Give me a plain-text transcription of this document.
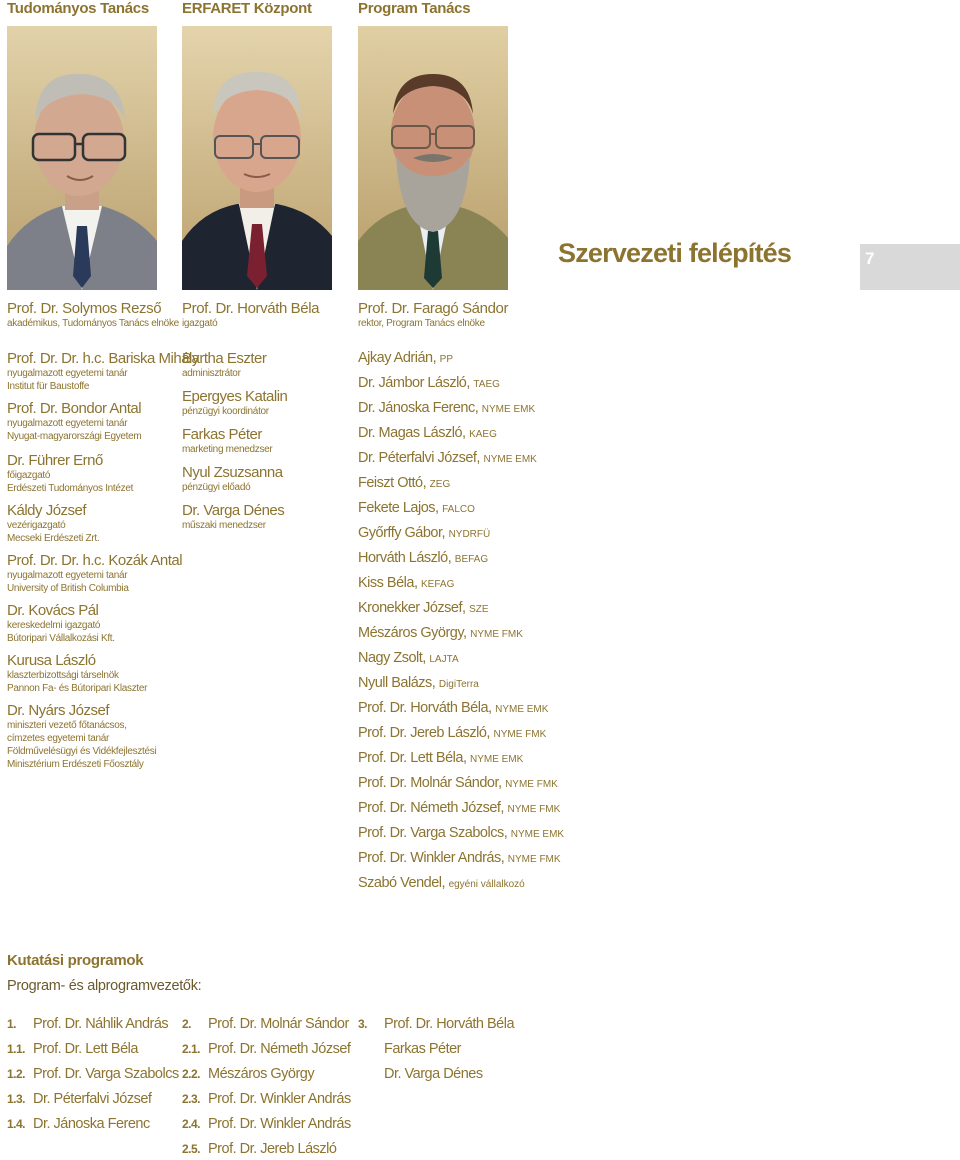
Tudományos Tanács ERFARET Központ	Program Tanács
Szervezeti felépítés	7
Prof. Dr. Solymos Rezső
akadémikus, Tudományos Tanács elnöke
Prof. Dr. Horváth Béla
igazgató
Prof. Dr. Faragó Sándor
rektor, Program Tanács elnöke
Prof. Dr. Dr. h.c. Bariska Mihály
nyugalmazott egyetemi tanár
Institut für Baustoffe
Prof. Dr. Bondor Antal
nyugalmazott egyetemi tanár
Nyugat-magyarországi Egyetem
Dr. Führer Ernő
főigazgató
Erdészeti Tudományos Intézet
Káldy József
vezérigazgató
Mecseki Erdészeti Zrt.
Prof. Dr. Dr. h.c. Kozák Antal
nyugalmazott egyetemi tanár
University of British Columbia
Dr. Kovács Pál
kereskedelmi igazgató
Bútoripari Vállalkozási Kft.
Kurusa László
klaszterbizottsági társelnök
Pannon Fa- és Bútoripari Klaszter
Dr. Nyárs József
miniszteri vezető főtanácsos,
címzetes egyetemi tanár
Földművelésügyi és Vidékfejlesztési
Minisztérium Erdészeti Főosztály
Bartha Eszter
adminisztrátor
Epergyes Katalin
pénzügyi koordinátor
Farkas Péter
marketing menedzser
Nyul Zsuzsanna
pénzügyi előadó
Dr. Varga Dénes
műszaki menedzser
Ajkay Adrián, PP
Dr. Jámbor László, TAEG
Dr. Jánoska Ferenc, NYME EMK
Dr. Magas László, KAEG
Dr. Péterfalvi József, NYME EMK
Feiszt Ottó, ZEG
Fekete Lajos, FALCO
Győrffy Gábor, NYDRFÜ
Horváth László, BEFAG
Kiss Béla, KEFAG
Kronekker József, SZE
Mészáros György, NYME FMK
Nagy Zsolt, LAJTA
Nyull Balázs, DigiTerra
Prof. Dr. Horváth Béla, NYME EMK
Prof. Dr. Jereb László, NYME FMK
Prof. Dr. Lett Béla, NYME EMK
Prof. Dr. Molnár Sándor, NYME FMK
Prof. Dr. Németh József, NYME FMK
Prof. Dr. Varga Szabolcs, NYME EMK
Prof. Dr. Winkler András, NYME FMK
Szabó Vendel, egyéni vállalkozó
Kutatási programok
Program- és alprogramvezetők:
1. Prof. Dr. Náhlik András
1.1. Prof. Dr. Lett Béla
1.2. Prof. Dr. Varga Szabolcs
1.3. Dr. Péterfalvi József
1.4. Dr. Jánoska Ferenc
2. Prof. Dr. Molnár Sándor
2.1. Prof. Dr. Németh József
2.2. Mészáros György
2.3. Prof. Dr. Winkler András
2.4. Prof. Dr. Winkler András
2.5. Prof. Dr. Jereb László
3. Prof. Dr. Horváth Béla
Farkas Péter
Dr. Varga Dénes
